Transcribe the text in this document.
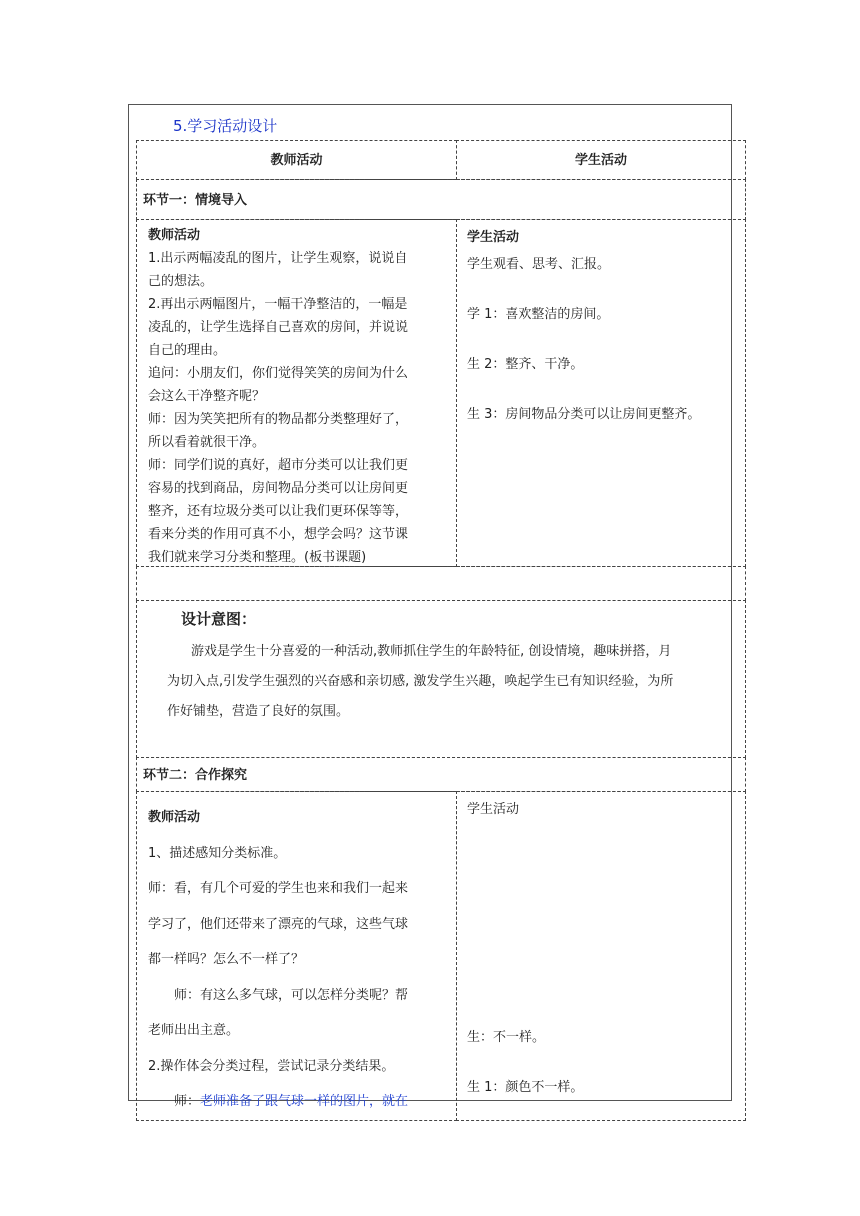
5.学习活动设计
教师活动	学生活动
环节一：情境导入
教师活动
1.出示两幅凌乱的图片，让学生观察，说说自
己的想法。
2.再出示两幅图片，一幅干净整洁的，一幅是
凌乱的，让学生选择自己喜欢的房间，并说说
自己的理由。
追问：小朋友们，你们觉得笑笑的房间为什么
会这么干净整齐呢？
师：因为笑笑把所有的物品都分类整理好了，
所以看着就很干净。
师：同学们说的真好，超市分类可以让我们更
容易的找到商品，房间物品分类可以让房间更
整齐，还有垃圾分类可以让我们更环保等等，
看来分类的作用可真不小，想学会吗？这节课
我们就来学习分类和整理。(板书课题)
学生活动
学生观看、思考、汇报。
学 1：喜欢整洁的房间。
生 2：整齐、干净。
生 3：房间物品分类可以让房间更整齐。
设计意图：
游戏是学生十分喜爱的一种活动,教师抓住学生的年龄特征, 创设情境，趣味拼搭，月
为切入点,引发学生强烈的兴奋感和亲切感, 激发学生兴趣，唤起学生已有知识经验，为所
作好铺垫，营造了良好的氛围。
环节二：合作探究
教师活动
1、描述感知分类标准。
师：看，有几个可爱的学生也来和我们一起来
学习了，他们还带来了漂亮的气球，这些气球
都一样吗？怎么不一样了？
师：有这么多气球，可以怎样分类呢？帮
老师出出主意。
2.操作体会分类过程，尝试记录分类结果。
师：老师准备了跟气球一样的图片，就在
学生活动
生：不一样。
生 1：颜色不一样。
